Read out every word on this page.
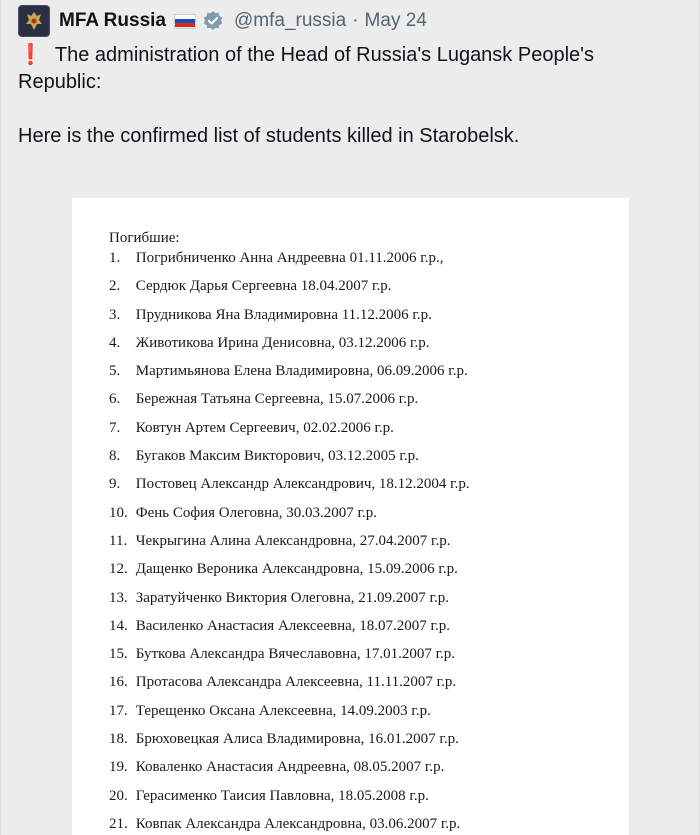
MFA Russia	@mfa_russia · May 24
❗ The administration of the Head of Russia's Lugansk People's
Republic:
Here is the confirmed list of students killed in Starobelsk.
Погибшие:
1.
	Погрибниченко Анна Андреевна 01.11.2006 г.р.,
2.
	Сердюк Дарья Сергеевна 18.04.2007 г.р.
3.
	Прудникова Яна Владимировна 11.12.2006 г.р.
4.
	Животикова Ирина Денисовна, 03.12.2006 г.р.
5.
	Мартимьянова Елена Владимировна, 06.09.2006 г.р.
6.
	Бережная Татьяна Сергеевна, 15.07.2006 г.р.
7.
	Ковтун Артем Сергеевич, 02.02.2006 г.р.
8.
	Бугаков Максим Викторович, 03.12.2005 г.р.
9.
	Постовец Александр Александрович, 18.12.2004 г.р.
10.
Фень София Олеговна, 30.03.2007 г.р.
11.
Чекрыгина Алина Александровна, 27.04.2007 г.р.
12.
Дащенко Вероника Александровна, 15.09.2006 г.р.
13.
Заратуйченко Виктория Олеговна, 21.09.2007 г.р.
14.
Василенко Анастасия Алексеевна, 18.07.2007 г.р.
15.
Буткова Александра Вячеславовна, 17.01.2007 г.р.
16.
Протасова Александра Алексеевна, 11.11.2007 г.р.
17.
Терещенко Оксана Алексеевна, 14.09.2003 г.р.
18.
Брюховецкая Алиса Владимировна, 16.01.2007 г.р.
19.
Коваленко Анастасия Андреевна, 08.05.2007 г.р.
20.
Герасименко Таисия Павловна, 18.05.2008 г.р.
21.
Ковпак Александра Александровна, 03.06.2007 г.р.
